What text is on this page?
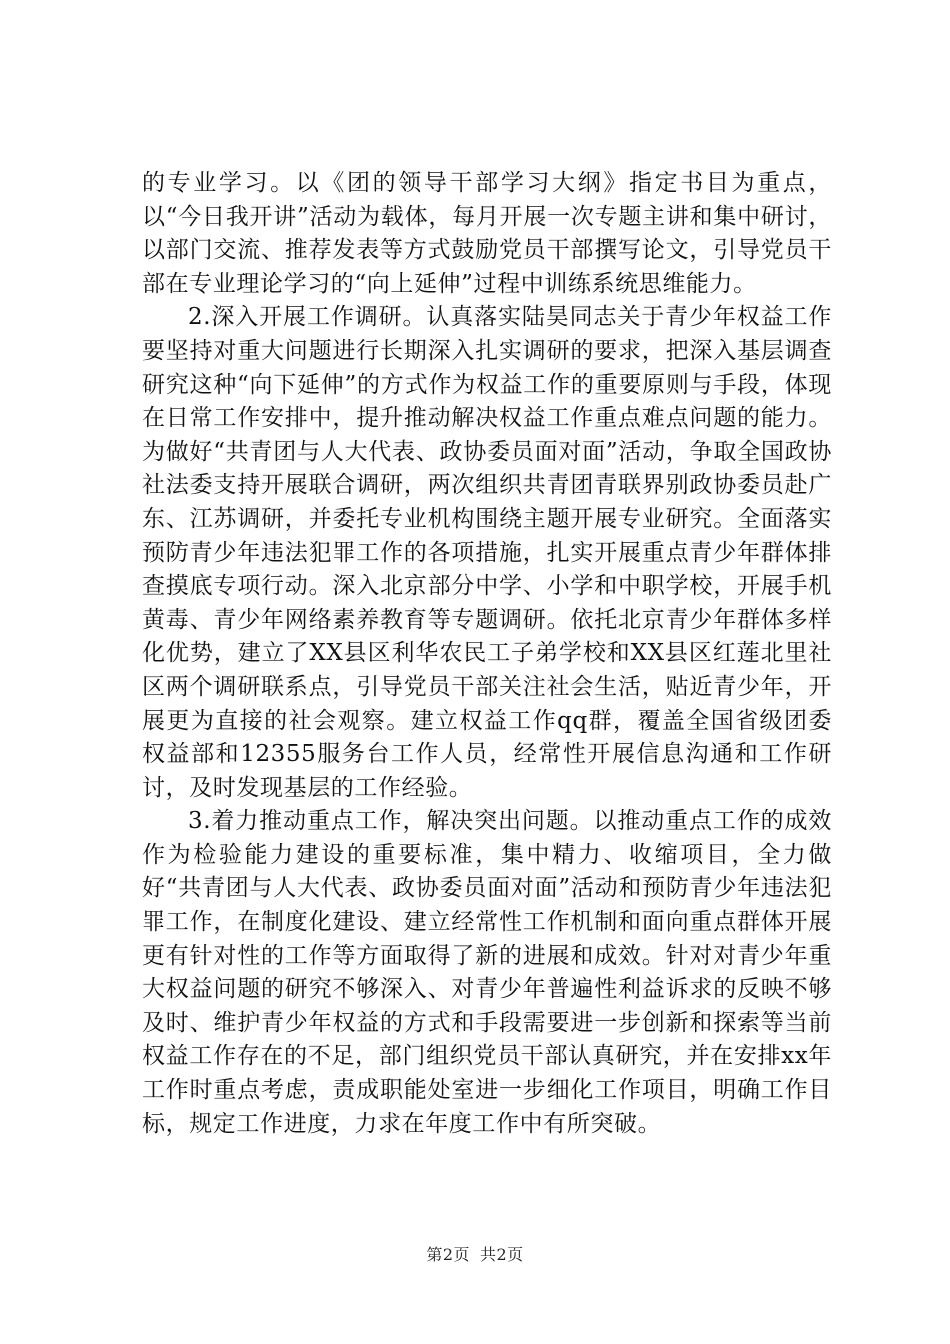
的专业学习。以《团的领导干部学习大纲》指定书目为重点，以“今日我开讲”活动为载体，每月开展一次专题主讲和集中研讨，以部门交流、推荐发表等方式鼓励党员干部撰写论文，引导党员干部在专业理论学习的“向上延伸”过程中训练系统思维能力。

2.深入开展工作调研。认真落实陆昊同志关于青少年权益工作要坚持对重大问题进行长期深入扎实调研的要求，把深入基层调查研究这种“向下延伸”的方式作为权益工作的重要原则与手段，体现在日常工作安排中，提升推动解决权益工作重点难点问题的能力。为做好“共青团与人大代表、政协委员面对面”活动，争取全国政协社法委支持开展联合调研，两次组织共青团青联界别政协委员赴广东、江苏调研，并委托专业机构围绕主题开展专业研究。全面落实预防青少年违法犯罪工作的各项措施，扎实开展重点青少年群体排查摸底专项行动。深入北京部分中学、小学和中职学校，开展手机黄毒、青少年网络素养教育等专题调研。依托北京青少年群体多样化优势，建立了XX县区利华农民工子弟学校和XX县区红莲北里社区两个调研联系点，引导党员干部关注社会生活，贴近青少年，开展更为直接的社会观察。建立权益工作qq群，覆盖全国省级团委权益部和12355服务台工作人员，经常性开展信息沟通和工作研讨，及时发现基层的工作经验。

3.着力推动重点工作，解决突出问题。以推动重点工作的成效作为检验能力建设的重要标准，集中精力、收缩项目，全力做好“共青团与人大代表、政协委员面对面”活动和预防青少年违法犯罪工作，在制度化建设、建立经常性工作机制和面向重点群体开展更有针对性的工作等方面取得了新的进展和成效。针对对青少年重大权益问题的研究不够深入、对青少年普遍性利益诉求的反映不够及时、维护青少年权益的方式和手段需要进一步创新和探索等当前权益工作存在的不足，部门组织党员干部认真研究，并在安排xx年工作时重点考虑，责成职能处室进一步细化工作项目，明确工作目标，规定工作进度，力求在年度工作中有所突破。

第2页 共2页
